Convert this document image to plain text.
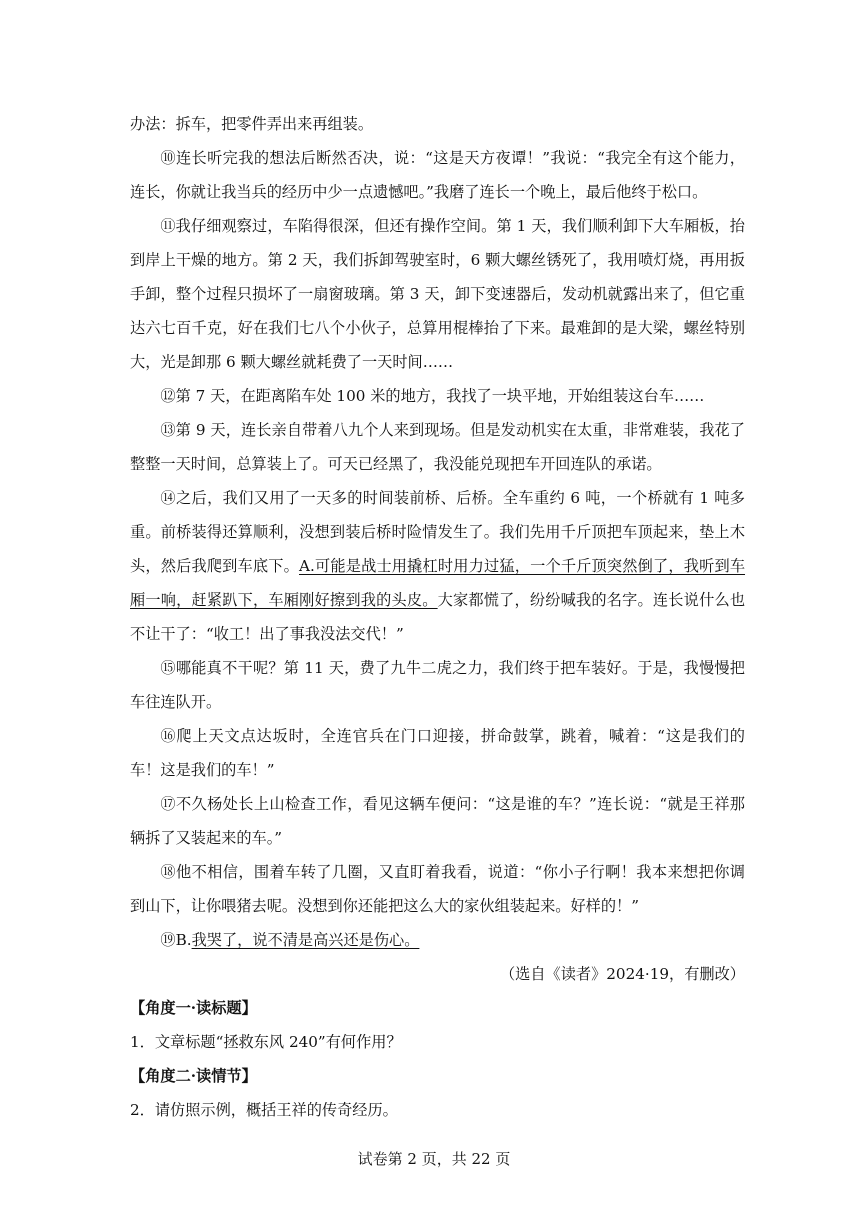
办法：拆车，把零件弄出来再组装。

⑩连长听完我的想法后断然否决，说：“这是天方夜谭！”我说：“我完全有这个能力，连长，你就让我当兵的经历中少一点遗憾吧。”我磨了连长一个晚上，最后他终于松口。

⑪我仔细观察过，车陷得很深，但还有操作空间。第 1 天，我们顺利卸下大车厢板，抬到岸上干燥的地方。第 2 天，我们拆卸驾驶室时，6 颗大螺丝锈死了，我用喷灯烧，再用扳手卸，整个过程只损坏了一扇窗玻璃。第 3 天，卸下变速器后，发动机就露出来了，但它重达六七百千克，好在我们七八个小伙子，总算用棍棒抬了下来。最难卸的是大梁，螺丝特别大，光是卸那 6 颗大螺丝就耗费了一天时间……

⑫第 7 天，在距离陷车处 100 米的地方，我找了一块平地，开始组装这台车……

⑬第 9 天，连长亲自带着八九个人来到现场。但是发动机实在太重，非常难装，我花了整整一天时间，总算装上了。可天已经黑了，我没能兑现把车开回连队的承诺。

⑭之后，我们又用了一天多的时间装前桥、后桥。全车重约 6 吨，一个桥就有 1 吨多重。前桥装得还算顺利，没想到装后桥时险情发生了。我们先用千斤顶把车顶起来，垫上木头，然后我爬到车底下。A.可能是战士用撬杠时用力过猛，一个千斤顶突然倒了，我听到车厢一响，赶紧趴下，车厢刚好擦到我的头皮。大家都慌了，纷纷喊我的名字。连长说什么也不让干了：“收工！出了事我没法交代！”

⑮哪能真不干呢？第 11 天，费了九牛二虎之力，我们终于把车装好。于是，我慢慢把车往连队开。

⑯爬上天文点达坂时，全连官兵在门口迎接，拼命鼓掌，跳着，喊着：“这是我们的车！这是我们的车！”

⑰不久杨处长上山检查工作，看见这辆车便问：“这是谁的车？”连长说：“就是王祥那辆拆了又装起来的车。”

⑱他不相信，围着车转了几圈，又直盯着我看，说道：“你小子行啊！我本来想把你调到山下，让你喂猪去呢。没想到你还能把这么大的家伙组装起来。好样的！”

⑲B.我哭了，说不清是高兴还是伤心。

（选自《读者》2024·19，有删改）

【角度一·读标题】

1．文章标题“拯救东风 240”有何作用？

【角度二·读情节】

2．请仿照示例，概括王祥的传奇经历。

试卷第 2 页，共 22 页
